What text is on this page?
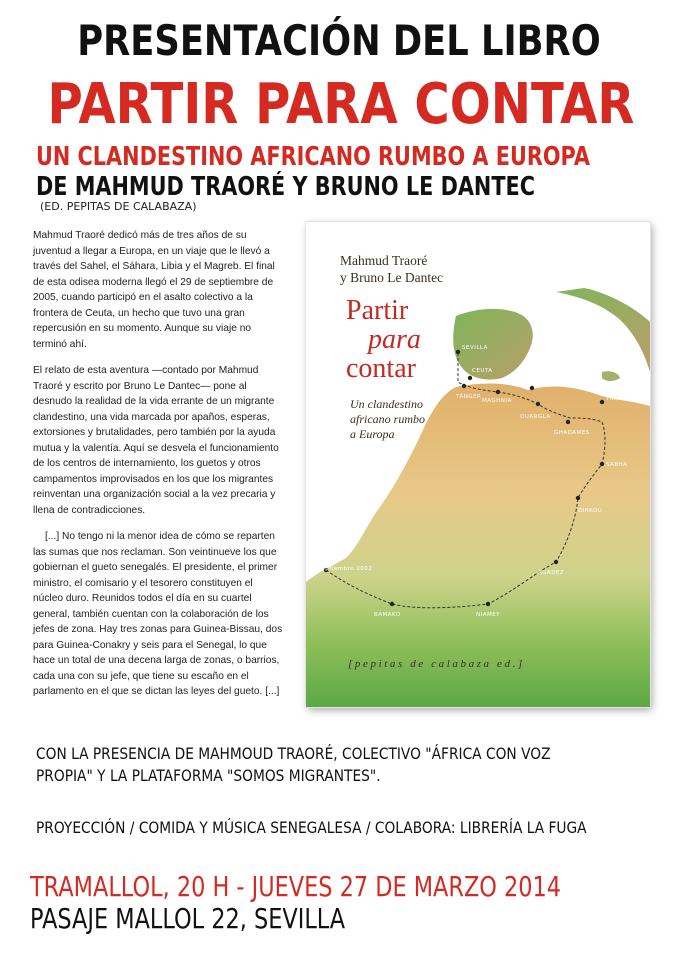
PRESENTACIÓN DEL LIBRO
PARTIR PARA CONTAR
UN CLANDESTINO AFRICANO RUMBO A EUROPA
DE MAHMUD TRAORÉ Y BRUNO LE DANTEC
(ED. PEPITAS DE CALABAZA)

Mahmud Traoré dedicó más de tres años de su juventud a llegar a Europa, en un viaje que le llevó a través del Sahel, el Sáhara, Libia y el Magreb. El final de esta odisea moderna llegó el 29 de septiembre de 2005, cuando participó en el asalto colectivo a la frontera de Ceuta, un hecho que tuvo una gran repercusión en su momento. Aunque su viaje no terminó ahí.

El relato de esta aventura —contado por Mahmud Traoré y escrito por Bruno Le Dantec— pone al desnudo la realidad de la vida errante de un migrante clandestino, una vida marcada por apaños, esperas, extorsiones y brutalidades, pero también por la ayuda mutua y la valentía. Aquí se desvela el funcionamiento de los centros de internamiento, los guetos y otros campamentos improvisados en los que los migrantes reinventan una organización social a la vez precaria y llena de contradicciones.

[...] No tengo ni la menor idea de cómo se reparten las sumas que nos reclaman. Son veintinueve los que gobiernan el gueto senegalés. El presidente, el primer ministro, el comisario y el tesorero constituyen el núcleo duro. Reunidos todos el día en su cuartel general, también cuentan con la colaboración de los jefes de zona. Hay tres zonas para Guinea-Bissau, dos para Guinea-Conakry y seis para el Senegal, lo que hace un total de una decena larga de zonas, o barrios, cada una con su jefe, que tiene su escaño en el parlamento en el que se dictan las leyes del gueto. [...]

SEVILLA
CEUTA
TÁNGER
MAGHNIA
ARGEL
OUARGLA
TRIPOLI
GHADAMES
SABHA
DIRKOU
AGADEZ
DAKAR
septiembre 2002
BAMAKO	NIAMEY
Mahmud Traoré
y Bruno Le Dantec
Partir
para
contar
Un clandestino
africano rumbo
a Europa
[pepitas de calabaza ed.]
CON LA PRESENCIA DE MAHMOUD TRAORÉ, COLECTIVO "ÁFRICA CON VOZ
PROPIA" Y LA PLATAFORMA "SOMOS MIGRANTES".
PROYECCIÓN / COMIDA Y MÚSICA SENEGALESA / COLABORA: LIBRERÍA LA FUGA
TRAMALLOL, 20 H - JUEVES 27 DE MARZO 2014
PASAJE MALLOL 22, SEVILLA
